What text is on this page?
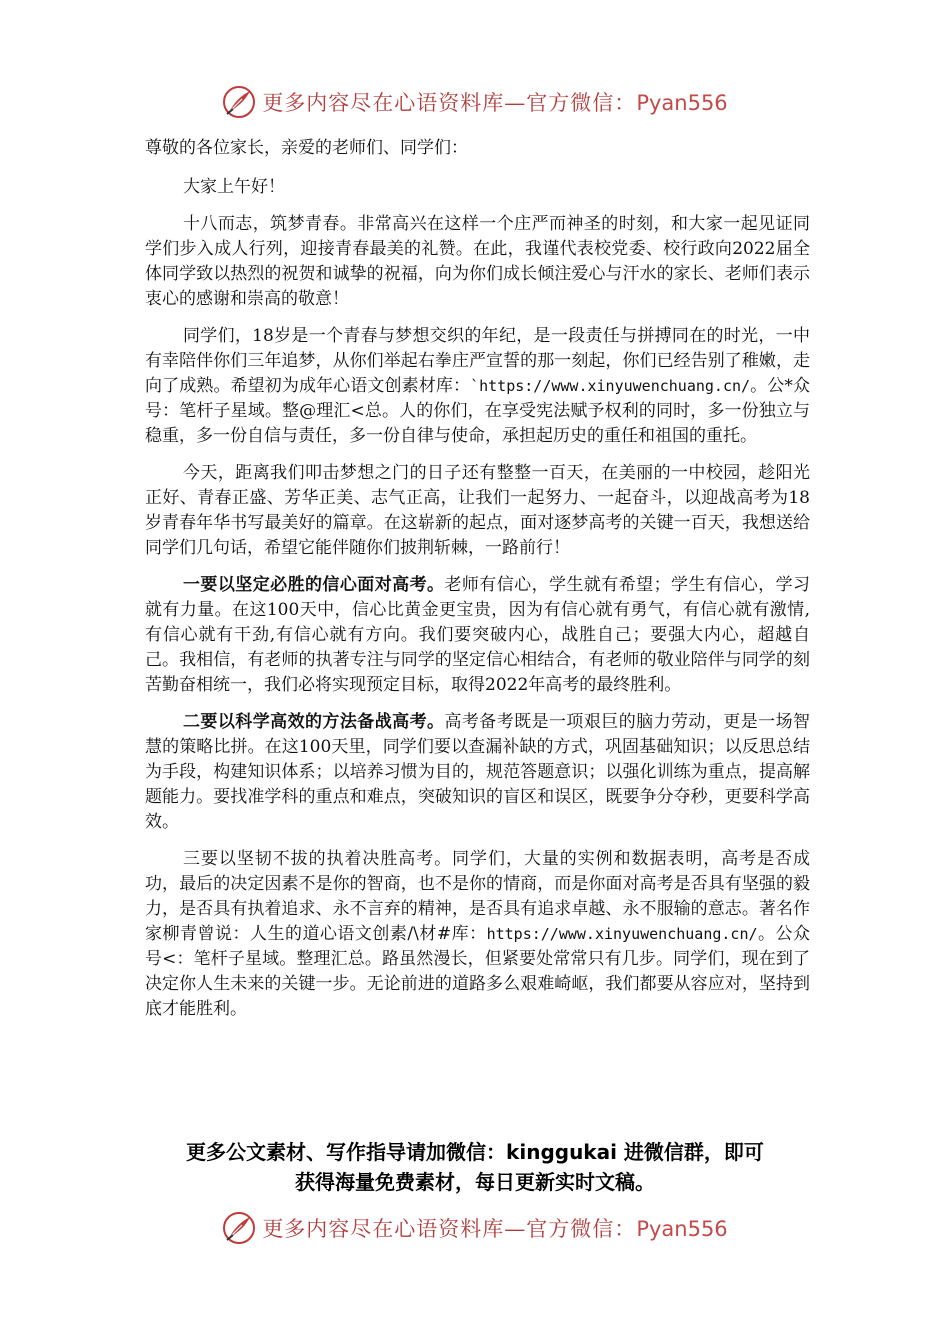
更多内容尽在心语资料库—官方微信：Pyan556

尊敬的各位家长，亲爱的老师们、同学们：

大家上午好！

十八而志，筑梦青春。非常高兴在这样一个庄严而神圣的时刻，和大家一起见证同学们步入成人行列，迎接青春最美的礼赞。在此，我谨代表校党委、校行政向2022届全体同学致以热烈的祝贺和诚挚的祝福，向为你们成长倾注爱心与汗水的家长、老师们表示衷心的感谢和崇高的敬意！

同学们，18岁是一个青春与梦想交织的年纪，是一段责任与拼搏同在的时光，一中有幸陪伴你们三年追梦，从你们举起右拳庄严宣誓的那一刻起，你们已经告别了稚嫩，走向了成熟。希望初为成年心语文创素材库：`https://www.xinyuwenchuang.cn/。公*众号：笔杆子星域。整@理汇<总。人的你们，在享受宪法赋予权利的同时，多一份独立与稳重，多一份自信与责任，多一份自律与使命，承担起历史的重任和祖国的重托。

今天，距离我们叩击梦想之门的日子还有整整一百天，在美丽的一中校园，趁阳光正好、青春正盛、芳华正美、志气正高，让我们一起努力、一起奋斗，以迎战高考为18岁青春年华书写最美好的篇章。在这崭新的起点，面对逐梦高考的关键一百天，我想送给同学们几句话，希望它能伴随你们披荆斩棘，一路前行！

一要以坚定必胜的信心面对高考。老师有信心，学生就有希望；学生有信心，学习就有力量。在这100天中，信心比黄金更宝贵，因为有信心就有勇气，有信心就有激情,有信心就有干劲,有信心就有方向。我们要突破内心，战胜自己；要强大内心，超越自己。我相信，有老师的执著专注与同学的坚定信心相结合，有老师的敬业陪伴与同学的刻苦勤奋相统一，我们必将实现预定目标，取得2022年高考的最终胜利。

二要以科学高效的方法备战高考。高考备考既是一项艰巨的脑力劳动，更是一场智慧的策略比拼。在这100天里，同学们要以查漏补缺的方式，巩固基础知识；以反思总结为手段，构建知识体系；以培养习惯为目的，规范答题意识；以强化训练为重点，提高解题能力。要找准学科的重点和难点，突破知识的盲区和误区，既要争分夺秒，更要科学高效。

三要以坚韧不拔的执着决胜高考。同学们，大量的实例和数据表明，高考是否成功，最后的决定因素不是你的智商，也不是你的情商，而是你面对高考是否具有坚强的毅力，是否具有执着追求、永不言弃的精神，是否具有追求卓越、永不服输的意志。著名作家柳青曾说：人生的道心语文创素/\材#库：https://www.xinyuwenchuang.cn/。公众号<：笔杆子星域。整理汇总。路虽然漫长，但紧要处常常只有几步。同学们，现在到了决定你人生未来的关键一步。无论前进的道路多么艰难崎岖，我们都要从容应对，坚持到底才能胜利。

更多公文素材、写作指导请加微信：kinggukai 进微信群，即可
获得海量免费素材，每日更新实时文稿。
更多内容尽在心语资料库—官方微信：Pyan556
